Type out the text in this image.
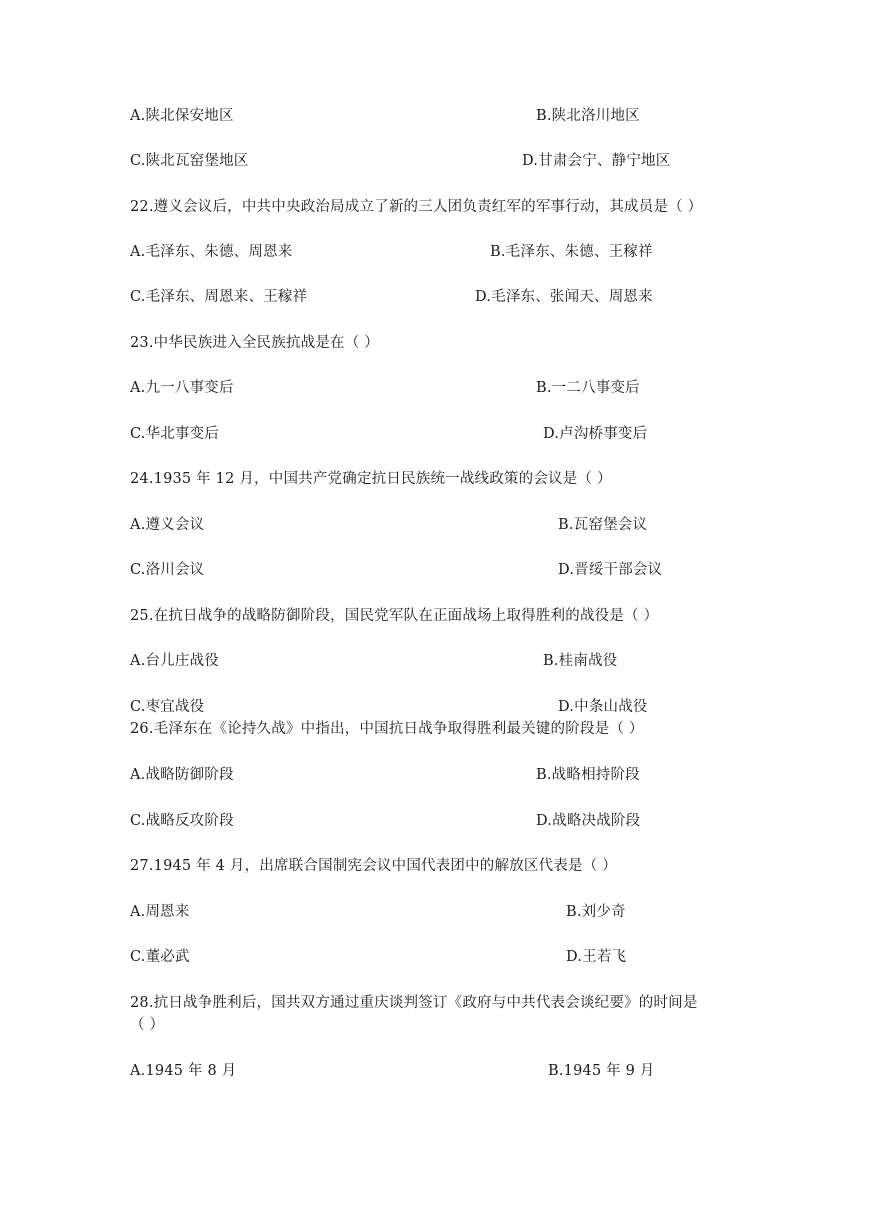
A.陕北保安地区	B.陕北洛川地区
C.陕北瓦窑堡地区	D.甘肃会宁、静宁地区
22.遵义会议后，中共中央政治局成立了新的三人团负责红军的军事行动，其成员是（ ）
A.毛泽东、朱德、周恩来	B.毛泽东、朱德、王稼祥
C.毛泽东、周恩来、王稼祥	D.毛泽东、张闻天、周恩来
23.中华民族进入全民族抗战是在（ ）
A.九一八事变后	B.一二八事变后
C.华北事变后	D.卢沟桥事变后
24.1935 年 12 月，中国共产党确定抗日民族统一战线政策的会议是（ ）
A.遵义会议	B.瓦窑堡会议
C.洛川会议	D.晋绥干部会议
25.在抗日战争的战略防御阶段，国民党军队在正面战场上取得胜利的战役是（ ）
A.台儿庄战役	B.桂南战役
C.枣宜战役	D.中条山战役
26.毛泽东在《论持久战》中指出，中国抗日战争取得胜利最关键的阶段是（ ）
A.战略防御阶段	B.战略相持阶段
C.战略反攻阶段	D.战略决战阶段
27.1945 年 4 月，出席联合国制宪会议中国代表团中的解放区代表是（ ）
A.周恩来	B.刘少奇
C.董必武	D.王若飞
28.抗日战争胜利后，国共双方通过重庆谈判签订《政府与中共代表会谈纪要》的时间是
（ ）
A.1945 年 8 月	B.1945 年 9 月
